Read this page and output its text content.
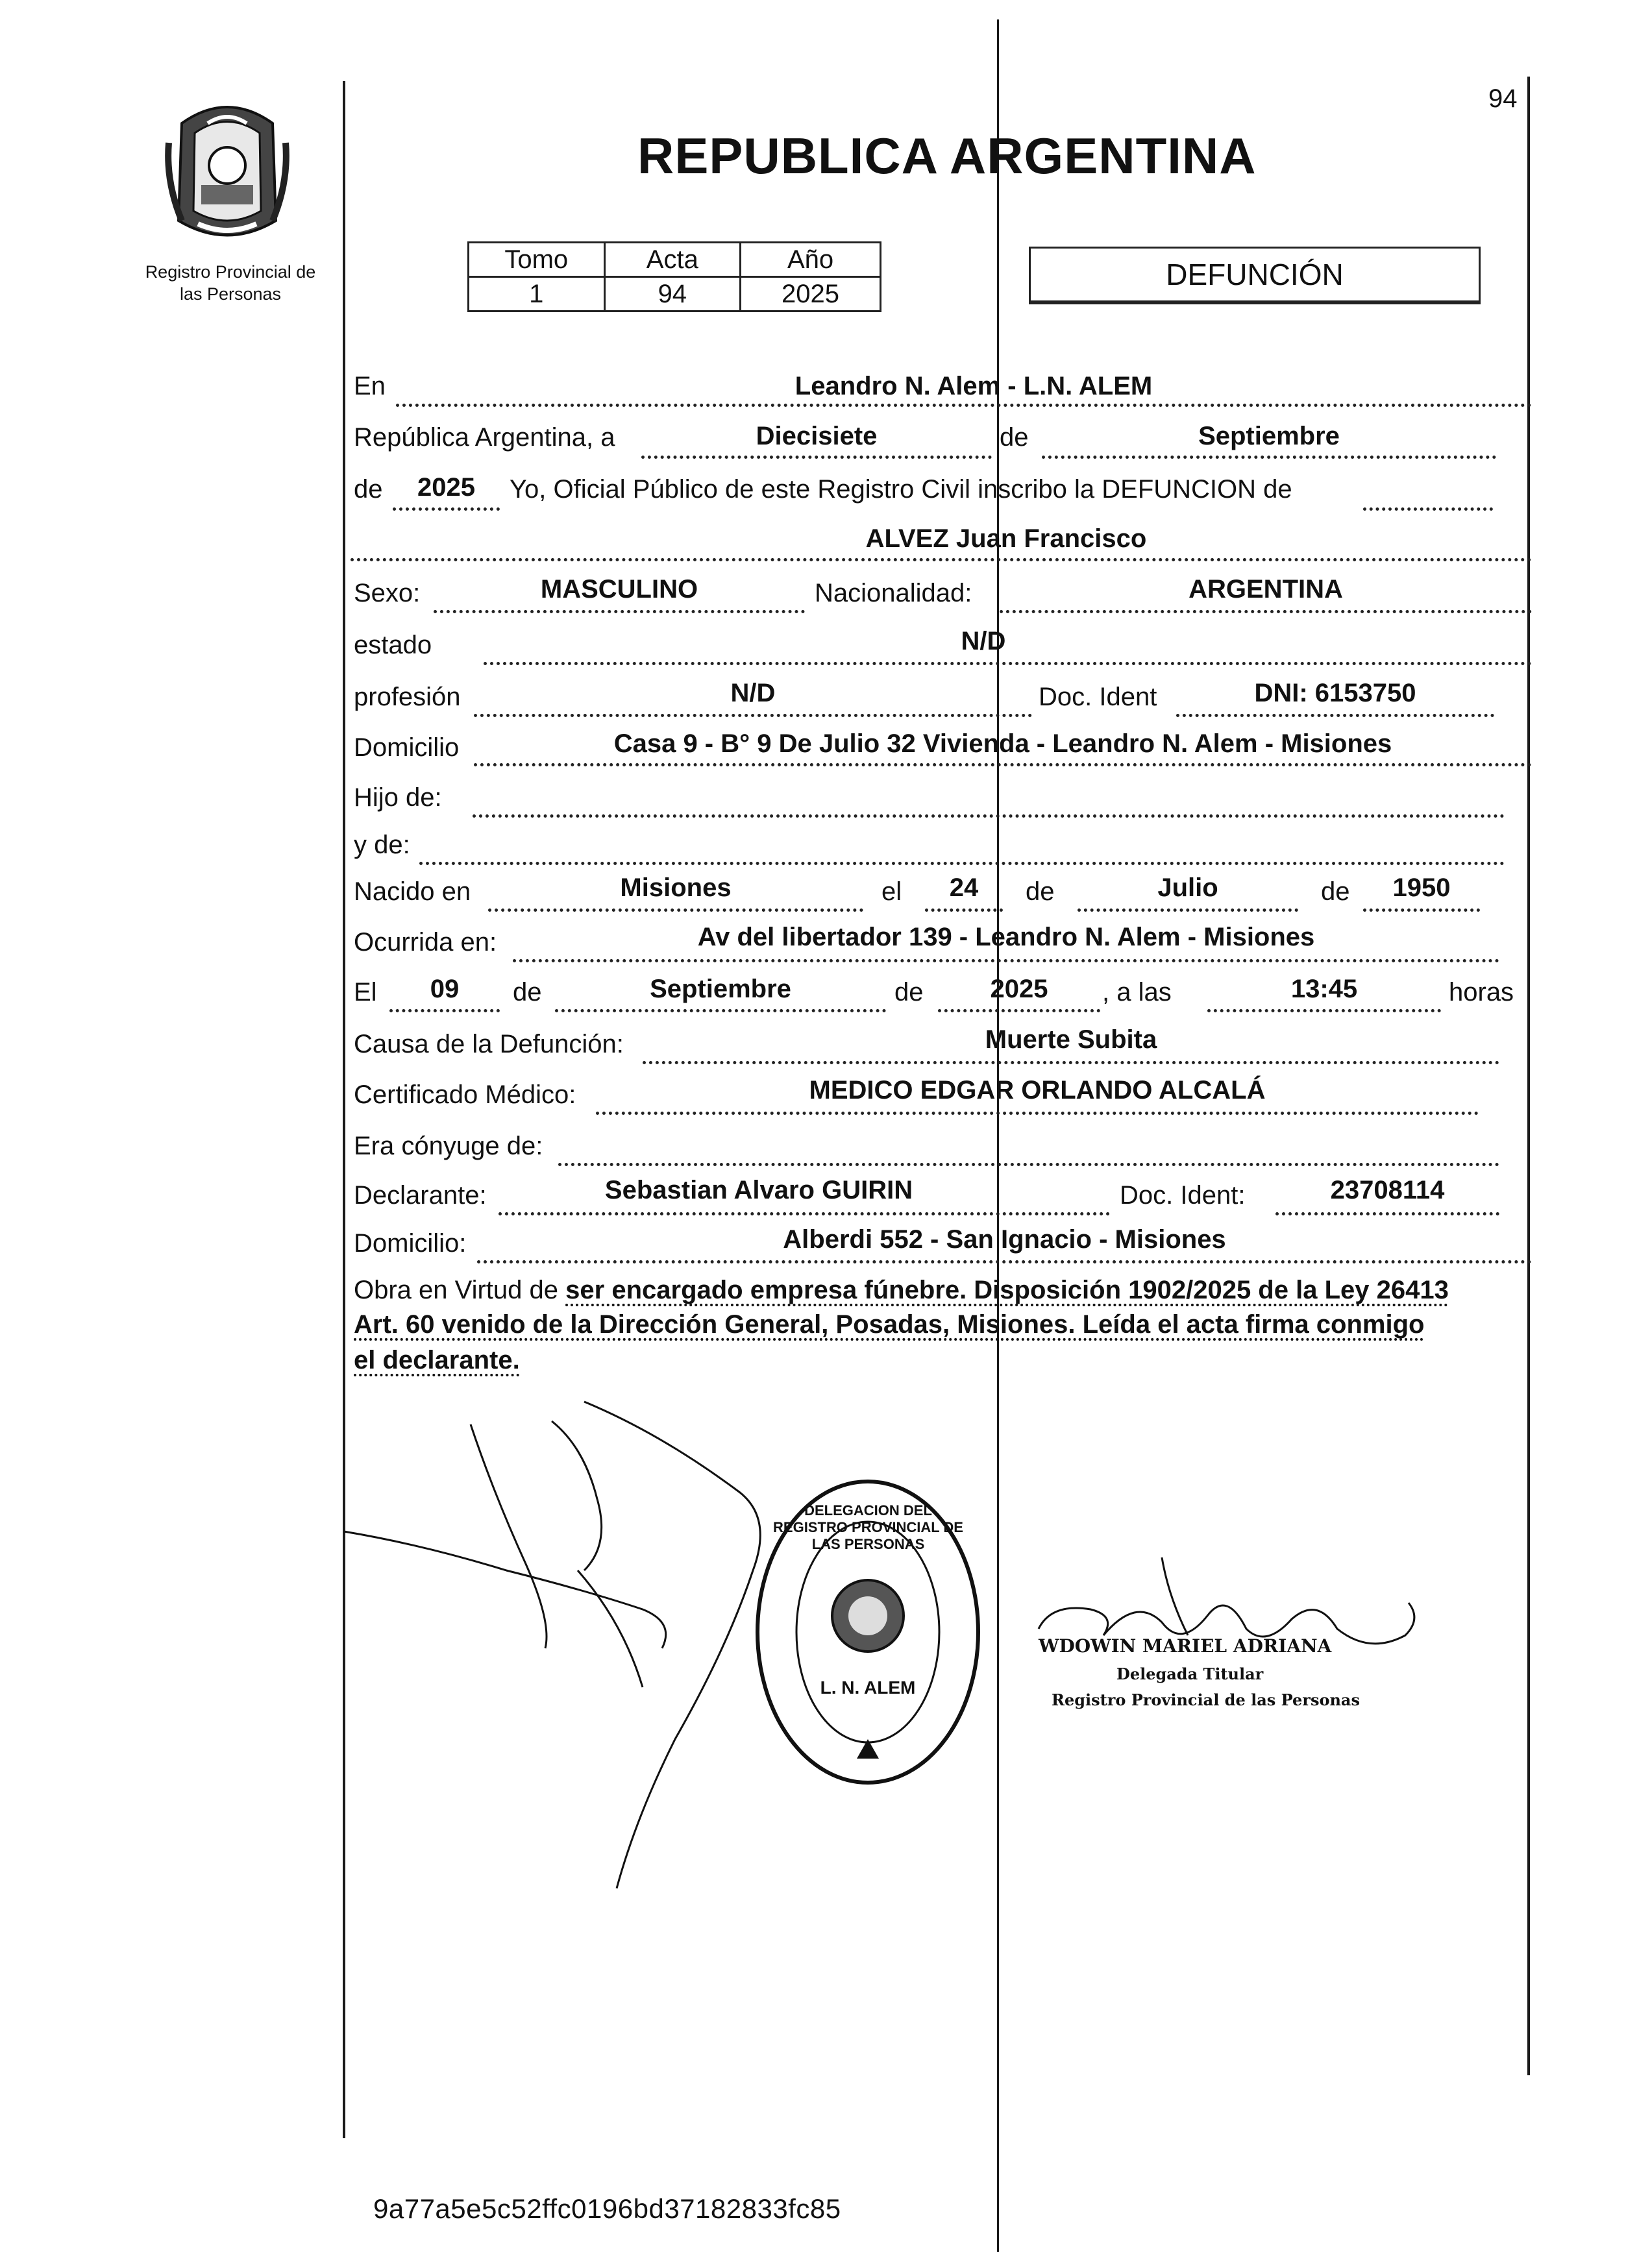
94
Registro Provincial de
las Personas
REPUBLICA ARGENTINA
Tomo	Acta	Año
1	94	2025
DEFUNCIÓN
En	Leandro N. Alem - L.N. ALEM
República Argentina, a	Diecisiete	de	Septiembre
de	2025	Yo, Oficial Público de este Registro Civil inscribo la DEFUNCION de
ALVEZ Juan Francisco
Sexo:	MASCULINO	Nacionalidad:	ARGENTINA
estado	N/D
profesión	N/D	Doc. Ident	DNI: 6153750
Domicilio	Casa 9 - B° 9 De Julio 32 Vivienda - Leandro N. Alem - Misiones
Hijo de:
y de:
Nacido en	Misiones	el	24	de	Julio	de	1950
Ocurrida en:	Av del libertador 139 - Leandro N. Alem - Misiones
El	09	de	Septiembre	de	2025	, a las	13:45	horas
Causa de la Defunción:	Muerte Subita
Certificado Médico:	MEDICO EDGAR ORLANDO ALCALÁ
Era cónyuge de:
Declarante:	Sebastian Alvaro GUIRIN	Doc. Ident:	23708114
Domicilio:	Alberdi 552 - San Ignacio - Misiones
Obra en Virtud de ser encargado empresa fúnebre. Disposición 1902/2025 de la Ley 26413
Art. 60 venido de la Dirección General, Posadas, Misiones. Leída el acta firma conmigo
el declarante.
DELEGACION DEL REGISTRO PROVINCIAL DE LAS PERSONAS
L. N. ALEM
WDOWIN MARIEL ADRIANA
Delegada Titular
Registro Provincial de las Personas
9a77a5e5c52ffc0196bd37182833fc85
